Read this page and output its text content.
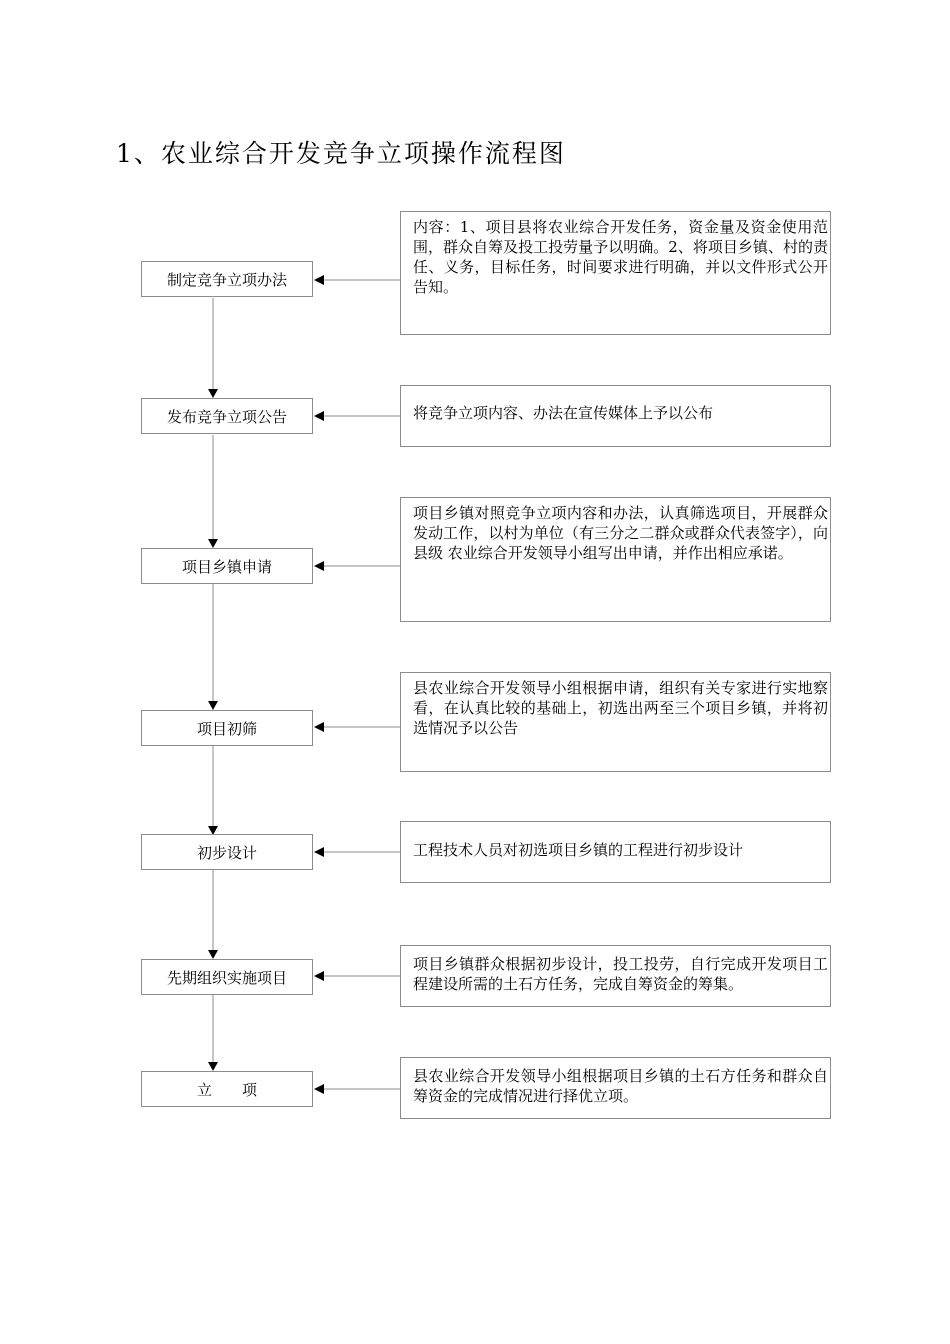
1、农业综合开发竞争立项操作流程图
制定竞争立项办法
发布竞争立项公告
项目乡镇申请
项目初筛
初步设计
先期组织实施项目
立　　项
内容：1、项目县将农业综合开发任务，资金量及资金使用范围，群众自筹及投工投劳量予以明确。2、将项目乡镇、村的责任、义务，目标任务，时间要求进行明确，并以文件形式公开告知。
将竞争立项内容、办法在宣传媒体上予以公布
项目乡镇对照竞争立项内容和办法，认真筛选项目，开展群众发动工作，以村为单位（有三分之二群众或群众代表签字），向县级 农业综合开发领导小组写出申请，并作出相应承诺。
县农业综合开发领导小组根据申请，组织有关专家进行实地察看，在认真比较的基础上，初选出两至三个项目乡镇，并将初选情况予以公告
工程技术人员对初选项目乡镇的工程进行初步设计
项目乡镇群众根据初步设计，投工投劳，自行完成开发项目工程建设所需的土石方任务，完成自筹资金的筹集。
县农业综合开发领导小组根据项目乡镇的土石方任务和群众自筹资金的完成情况进行择优立项。
